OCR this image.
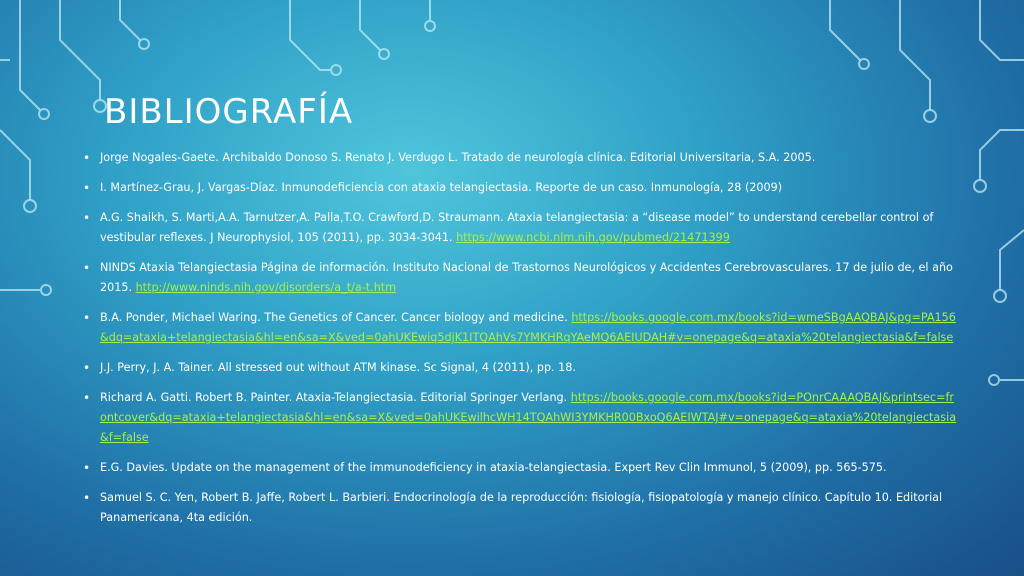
BIBLIOGRAFÍA
• Jorge Nogales-Gaete. Archibaldo Donoso S. Renato J. Verdugo L. Tratado de neurología clínica. Editorial Universitaria, S.A. 2005.
• I. Martínez-Grau, J. Vargas-Díaz. Inmunodeficiencia con ataxia telangiectasia. Reporte de un caso. Inmunología, 28 (2009)
• A.G. Shaikh, S. Marti,A.A. Tarnutzer,A. Palla,T.O. Crawford,D. Straumann. Ataxia telangiectasia: a “disease model” to understand cerebellar control of vestibular reflexes. J Neurophysiol, 105 (2011), pp. 3034-3041. https://www.ncbi.nlm.nih.gov/pubmed/21471399
• NINDS Ataxia Telangiectasia Página de información. Instituto Nacional de Trastornos Neurológicos y Accidentes Cerebrovasculares. 17 de julio de, el año 2015. http://www.ninds.nih.gov/disorders/a_t/a-t.htm
• B.A. Ponder, Michael Waring. The Genetics of Cancer. Cancer biology and medicine. https://books.google.com.mx/books?id=wmeSBgAAQBAJ&pg=PA156&dq=ataxia+telangiectasia&hl=en&sa=X&ved=0ahUKEwiq5djK1ITQAhVs7YMKHRqYAeMQ6AEIUDAH#v=onepage&q=ataxia%20telangiectasia&f=false
• J.J. Perry, J. A. Tainer. All stressed out without ATM kinase. Sc Signal, 4 (2011), pp. 18.
• Richard A. Gatti. Robert B. Painter. Ataxia-Telangiectasia. Editorial Springer Verlang. https://books.google.com.mx/books?id=POnrCAAAQBAJ&printsec=frontcover&dq=ataxia+telangiectasia&hl=en&sa=X&ved=0ahUKEwilhcWH14TQAhWI3YMKHR00BxoQ6AEIWTAJ#v=onepage&q=ataxia%20telangiectasia&f=false
• E.G. Davies. Update on the management of the immunodeficiency in ataxia-telangiectasia. Expert Rev Clin Immunol, 5 (2009), pp. 565-575.
• Samuel S. C. Yen, Robert B. Jaffe, Robert L. Barbieri. Endocrinología de la reproducción: fisiología, fisiopatología y manejo clínico. Capítulo 10. Editorial Panamericana, 4ta edición.
